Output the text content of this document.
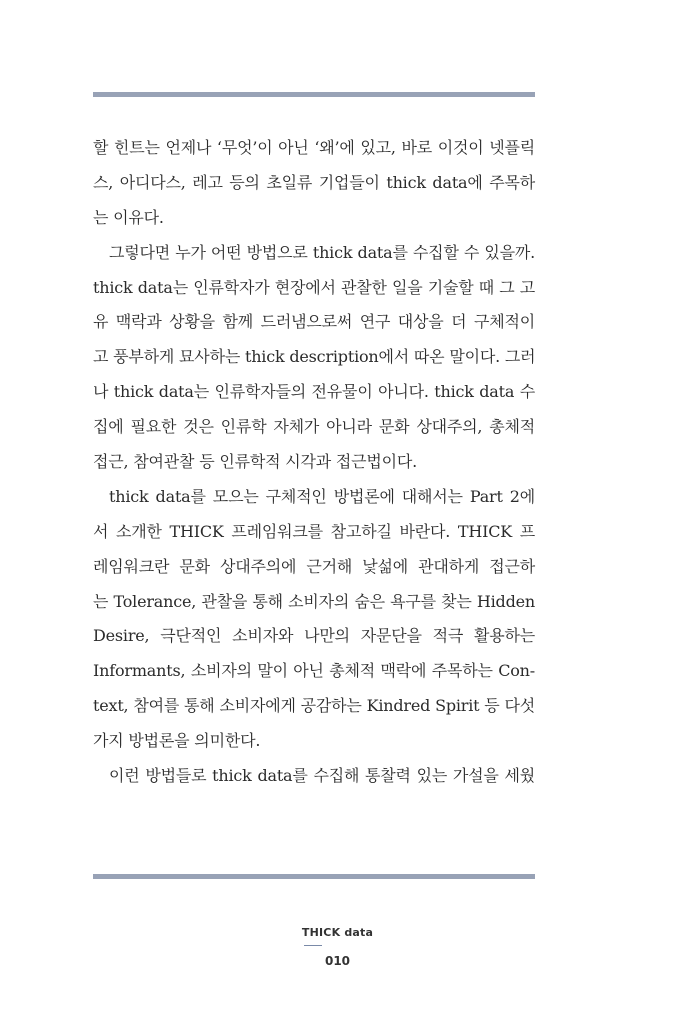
할 힌트는 언제나 ‘무엇’이 아닌 ‘왜’에 있고, 바로 이것이 넷플릭
스, 아디다스, 레고 등의 초일류 기업들이 thick data에 주목하
는 이유다.
그렇다면 누가 어떤 방법으로 thick data를 수집할 수 있을까.
thick data는 인류학자가 현장에서 관찰한 일을 기술할 때 그 고
유 맥락과 상황을 함께 드러냄으로써 연구 대상을 더 구체적이
고 풍부하게 묘사하는 thick description에서 따온 말이다. 그러
나 thick data는 인류학자들의 전유물이 아니다. thick data 수
집에 필요한 것은 인류학 자체가 아니라 문화 상대주의, 총체적
접근, 참여관찰 등 인류학적 시각과 접근법이다.
thick data를 모으는 구체적인 방법론에 대해서는 Part 2에
서 소개한 THICK 프레임워크를 참고하길 바란다. THICK 프
레임워크란 문화 상대주의에 근거해 낯섦에 관대하게 접근하
는 Tolerance, 관찰을 통해 소비자의 숨은 욕구를 찾는 Hidden
Desire, 극단적인 소비자와 나만의 자문단을 적극 활용하는
Informants, 소비자의 말이 아닌 총체적 맥락에 주목하는 Con-
text, 참여를 통해 소비자에게 공감하는 Kindred Spirit 등 다섯
가지 방법론을 의미한다.
이런 방법들로 thick data를 수집해 통찰력 있는 가설을 세웠
THICK data
010
